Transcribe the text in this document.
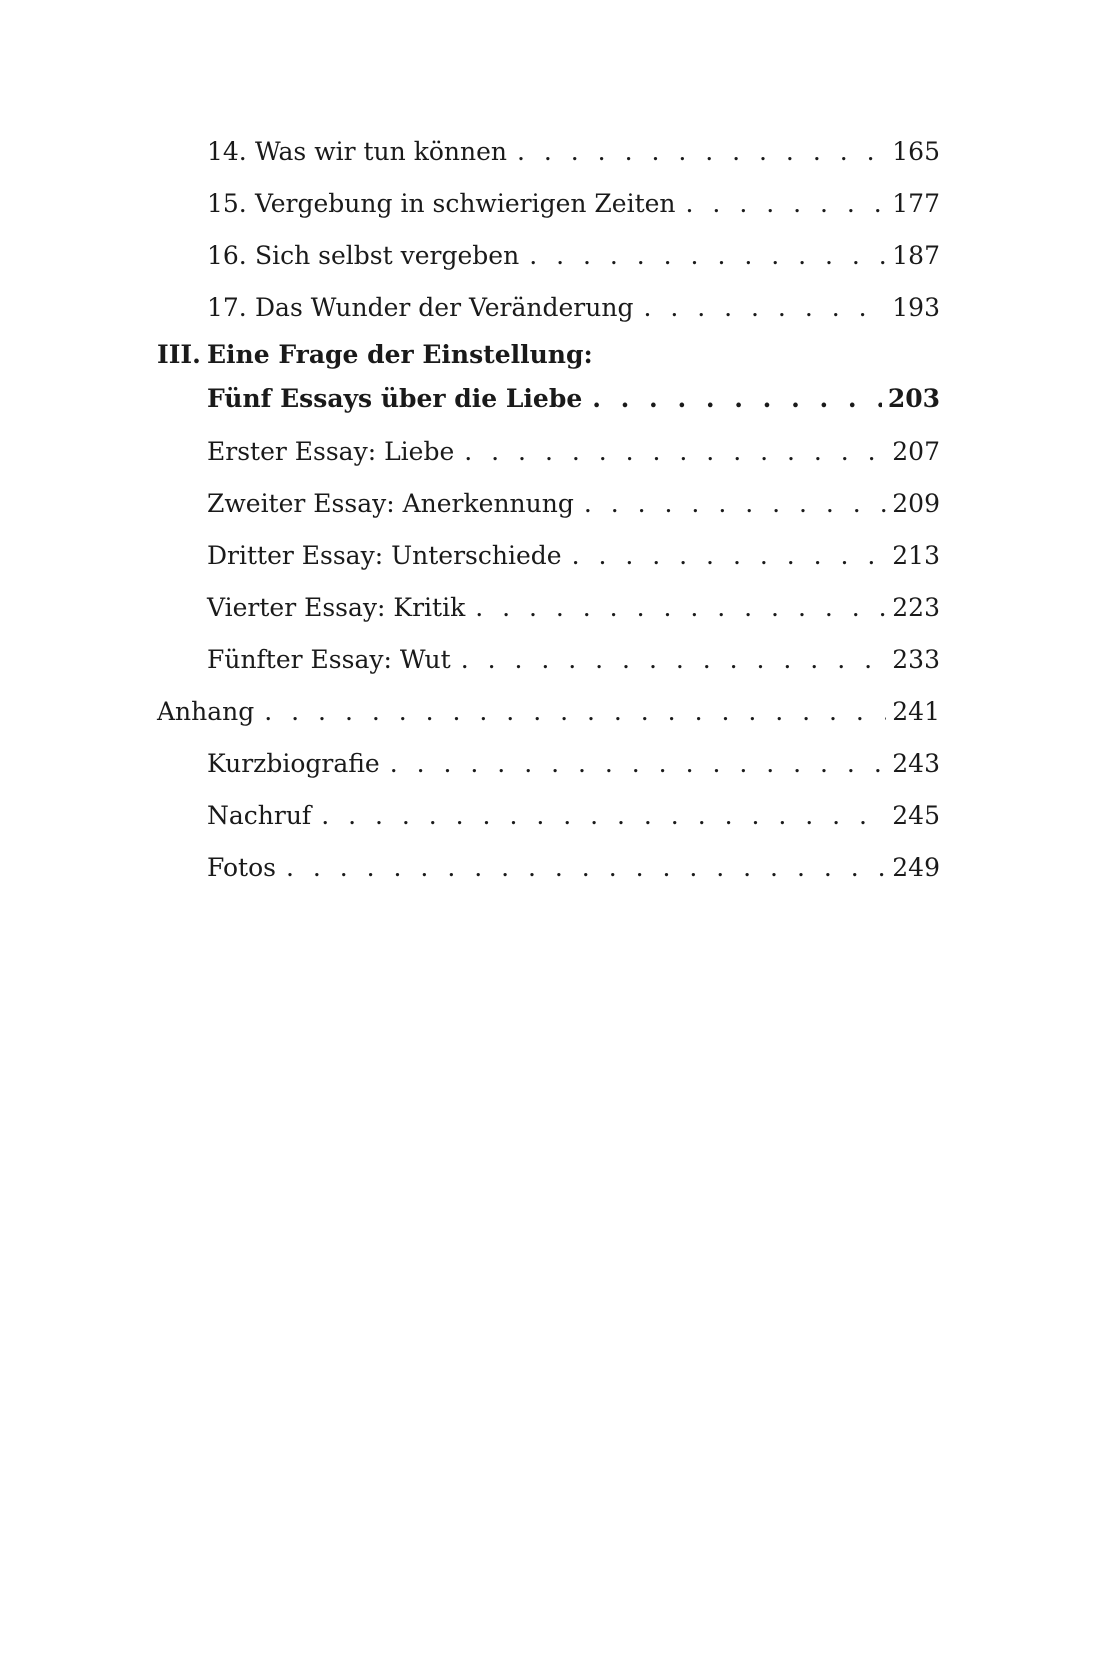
14. Was wir tun können . . .	165
15. Vergebung in schwierigen Zeiten . . .	177
16. Sich selbst vergeben . . .	187
17. Das Wunder der Veränderung . . .	193
III. Eine Frage der Einstellung:
Fünf Essays über die Liebe . . .	203
Erster Essay: Liebe . . .	207
Zweiter Essay: Anerkennung . . .	209
Dritter Essay: Unterschiede . . .	213
Vierter Essay: Kritik . . .	223
Fünfter Essay: Wut . . .	233
Anhang . . .	241
Kurzbiografie . . .	243
Nachruf . . .	245
Fotos . . .	249
